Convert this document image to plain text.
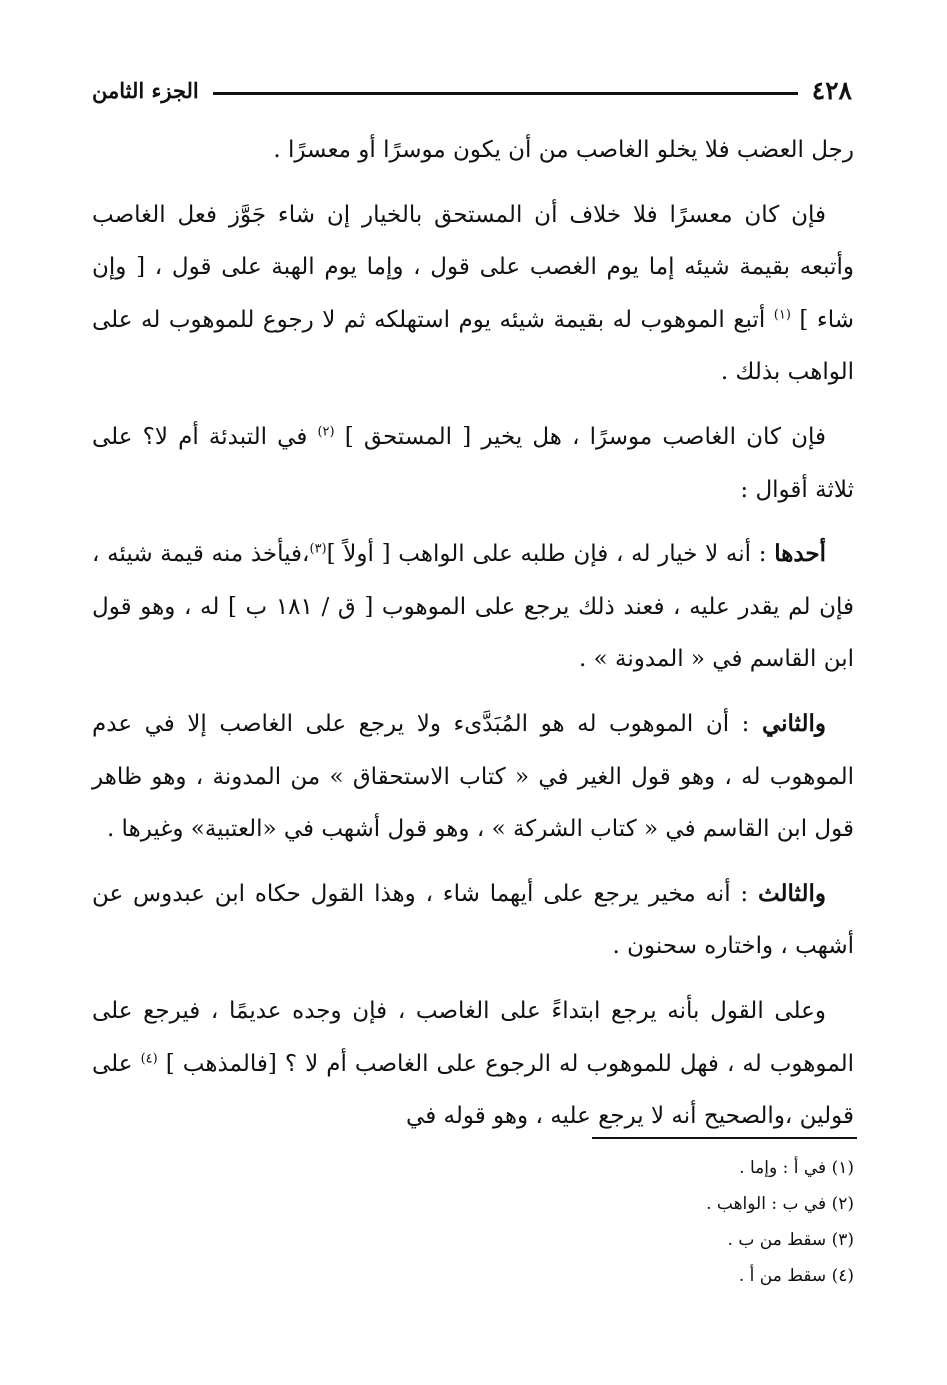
٤٢٨
الجزء الثامن

رجل العضب فلا يخلو الغاصب من أن يكون موسرًا أو معسرًا .

فإن كان معسرًا فلا خلاف أن المستحق بالخيار إن شاء جَوَّز فعل الغاصب وأتبعه بقيمة شيئه إما يوم الغصب على قول ، وإما يوم الهبة على قول ، [ وإن شاء ] $^{(١)}$ أتبع الموهوب له بقيمة شيئه يوم استهلكه ثم لا رجوع للموهوب له على الواهب بذلك .

فإن كان الغاصب موسرًا ، هل يخير [ المستحق ] $^{(٢)}$ في التبدئة أم لا؟ على ثلاثة أقوال :

أحدها : أنه لا خيار له ، فإن طلبه على الواهب [ أولاً ]$^{(٣)}$،فيأخذ منه قيمة شيئه ، فإن لم يقدر عليه ، فعند ذلك يرجع على الموهوب [ ق / ١٨١ ب ] له ، وهو قول ابن القاسم في « المدونة » .

والثاني : أن الموهوب له هو المُبَدَّىء ولا يرجع على الغاصب إلا في عدم الموهوب له ، وهو قول الغير في « كتاب الاستحقاق » من المدونة ، وهو ظاهر قول ابن القاسم في « كتاب الشركة » ، وهو قول أشهب في «العتبية» وغيرها .

والثالث : أنه مخير يرجع على أيهما شاء ، وهذا القول حكاه ابن عبدوس عن أشهب ، واختاره سحنون .

وعلى القول بأنه يرجع ابتداءً على الغاصب ، فإن وجده عديمًا ، فيرجع على الموهوب له ، فهل للموهوب له الرجوع على الغاصب أم لا ؟ [فالمذهب ] $^{(٤)}$ على قولين ،والصحيح أنه لا يرجع عليه ، وهو قوله في

(١) في أ : وإما .
(٢) في ب : الواهب .
(٣) سقط من ب .
(٤) سقط من أ .
